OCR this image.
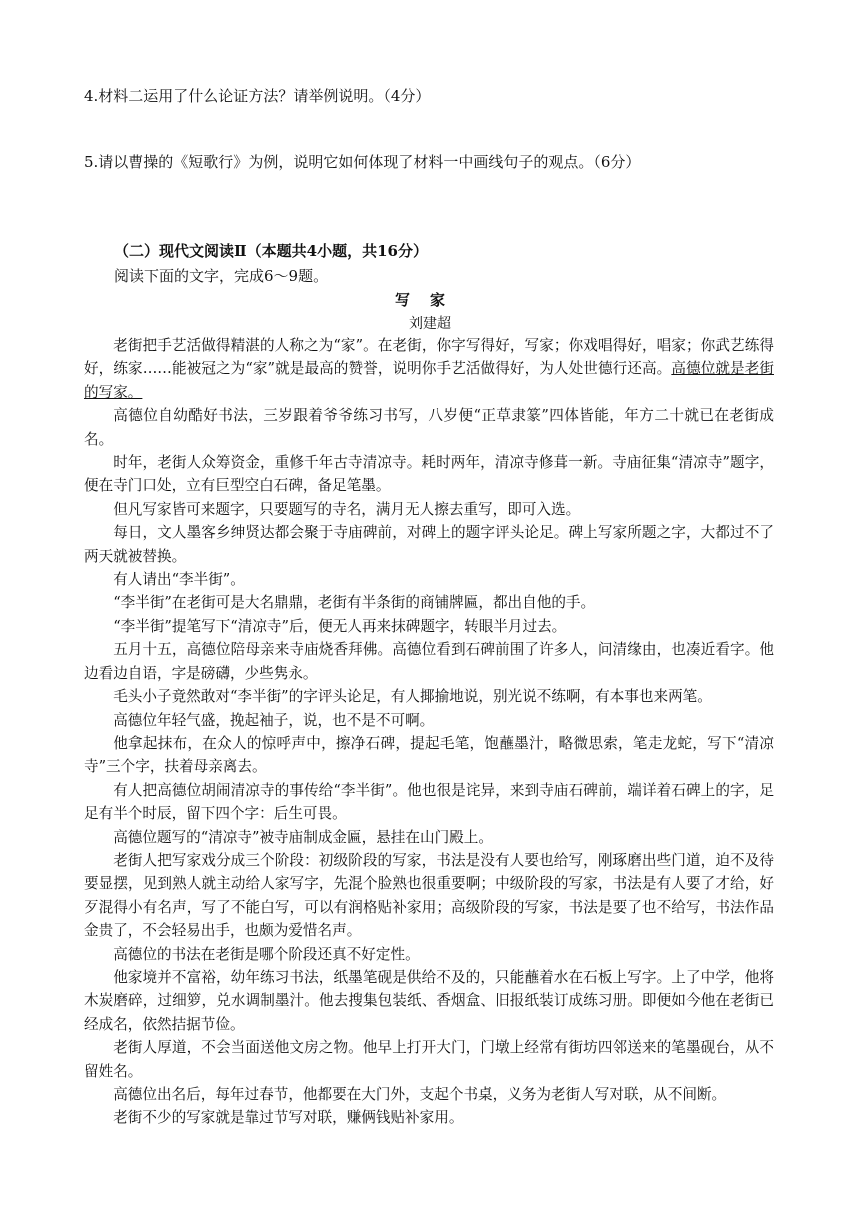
4.材料二运用了什么论证方法？请举例说明。（4分）
5.请以曹操的《短歌行》为例，说明它如何体现了材料一中画线句子的观点。（6分）
（二）现代文阅读Ⅱ（本题共4小题，共16分）
阅读下面的文字，完成6～9题。
写家
刘建超

老街把手艺活做得精湛的人称之为“家”。在老街，你字写得好，写家；你戏唱得好，唱家；你武艺练得好，练家……能被冠之为“家”就是最高的赞誉，说明你手艺活做得好，为人处世德行还高。高德位就是老街的写家。

高德位自幼酷好书法，三岁跟着爷爷练习书写，八岁便“正草隶篆”四体皆能，年方二十就已在老街成名。

时年，老街人众筹资金，重修千年古寺清凉寺。耗时两年，清凉寺修葺一新。寺庙征集“清凉寺”题字，便在寺门口处，立有巨型空白石碑，备足笔墨。

但凡写家皆可来题字，只要题写的寺名，满月无人擦去重写，即可入选。

每日，文人墨客乡绅贤达都会聚于寺庙碑前，对碑上的题字评头论足。碑上写家所题之字，大都过不了两天就被替换。

有人请出“李半街”。

“李半街”在老街可是大名鼎鼎，老街有半条街的商铺牌匾，都出自他的手。

“李半街”提笔写下“清凉寺”后，便无人再来抹碑题字，转眼半月过去。

五月十五，高德位陪母亲来寺庙烧香拜佛。高德位看到石碑前围了许多人，问清缘由，也凑近看字。他边看边自语，字是磅礴，少些隽永。

毛头小子竟然敢对“李半街”的字评头论足，有人揶揄地说，别光说不练啊，有本事也来两笔。

高德位年轻气盛，挽起袖子，说，也不是不可啊。

他拿起抹布，在众人的惊呼声中，擦净石碑，提起毛笔，饱蘸墨汁，略微思索，笔走龙蛇，写下“清凉寺”三个字，扶着母亲离去。

有人把高德位胡闹清凉寺的事传给“李半街”。他也很是诧异，来到寺庙石碑前，端详着石碑上的字，足足有半个时辰，留下四个字：后生可畏。

高德位题写的“清凉寺”被寺庙制成金匾，悬挂在山门殿上。

老街人把写家戏分成三个阶段：初级阶段的写家，书法是没有人要也给写，刚琢磨出些门道，迫不及待要显摆，见到熟人就主动给人家写字，先混个脸熟也很重要啊；中级阶段的写家，书法是有人要了才给，好歹混得小有名声，写了不能白写，可以有润格贴补家用；高级阶段的写家，书法是要了也不给写，书法作品金贵了，不会轻易出手，也颇为爱惜名声。

高德位的书法在老街是哪个阶段还真不好定性。

他家境并不富裕，幼年练习书法，纸墨笔砚是供给不及的，只能蘸着水在石板上写字。上了中学，他将木炭磨碎，过细箩，兑水调制墨汁。他去搜集包装纸、香烟盒、旧报纸装订成练习册。即便如今他在老街已经成名，依然拮据节俭。

老街人厚道，不会当面送他文房之物。他早上打开大门，门墩上经常有街坊四邻送来的笔墨砚台，从不留姓名。

高德位出名后，每年过春节，他都要在大门外，支起个书桌，义务为老街人写对联，从不间断。

老街不少的写家就是靠过节写对联，赚俩钱贴补家用。
